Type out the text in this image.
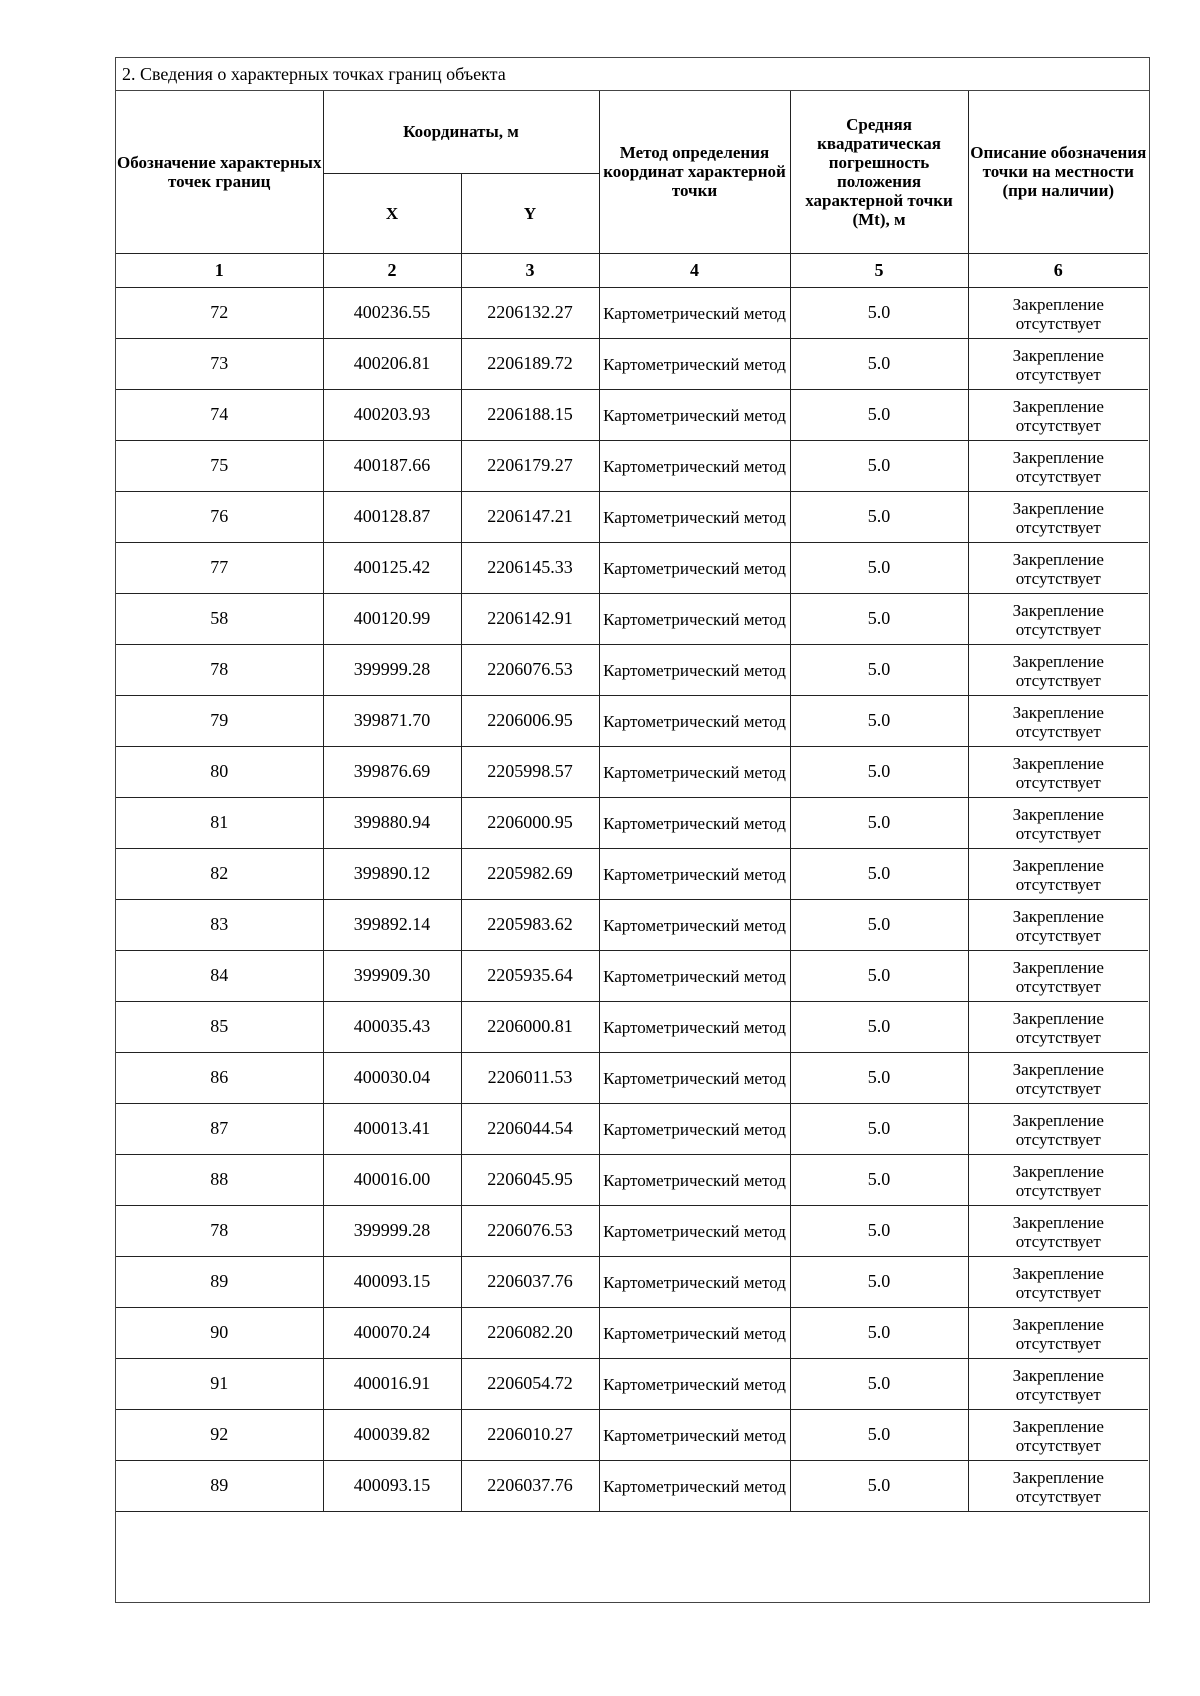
2. Сведения о характерных точках границ объекта
Обозначение характерных точек границ	Координаты, м		Метод определения координат характерной точки	Средняя квадратическая погрешность положения характерной точки (Mt), м	Описание обозначения точки на местности (при наличии)
	X	Y			
1	2	3	4	5	6
72	400236.55	2206132.27	Картометрический метод	5.0	Закрепление отсутствует
73	400206.81	2206189.72	Картометрический метод	5.0	Закрепление отсутствует
74	400203.93	2206188.15	Картометрический метод	5.0	Закрепление отсутствует
75	400187.66	2206179.27	Картометрический метод	5.0	Закрепление отсутствует
76	400128.87	2206147.21	Картометрический метод	5.0	Закрепление отсутствует
77	400125.42	2206145.33	Картометрический метод	5.0	Закрепление отсутствует
58	400120.99	2206142.91	Картометрический метод	5.0	Закрепление отсутствует
78	399999.28	2206076.53	Картометрический метод	5.0	Закрепление отсутствует
79	399871.70	2206006.95	Картометрический метод	5.0	Закрепление отсутствует
80	399876.69	2205998.57	Картометрический метод	5.0	Закрепление отсутствует
81	399880.94	2206000.95	Картометрический метод	5.0	Закрепление отсутствует
82	399890.12	2205982.69	Картометрический метод	5.0	Закрепление отсутствует
83	399892.14	2205983.62	Картометрический метод	5.0	Закрепление отсутствует
84	399909.30	2205935.64	Картометрический метод	5.0	Закрепление отсутствует
85	400035.43	2206000.81	Картометрический метод	5.0	Закрепление отсутствует
86	400030.04	2206011.53	Картометрический метод	5.0	Закрепление отсутствует
87	400013.41	2206044.54	Картометрический метод	5.0	Закрепление отсутствует
88	400016.00	2206045.95	Картометрический метод	5.0	Закрепление отсутствует
78	399999.28	2206076.53	Картометрический метод	5.0	Закрепление отсутствует
89	400093.15	2206037.76	Картометрический метод	5.0	Закрепление отсутствует
90	400070.24	2206082.20	Картометрический метод	5.0	Закрепление отсутствует
91	400016.91	2206054.72	Картометрический метод	5.0	Закрепление отсутствует
92	400039.82	2206010.27	Картометрический метод	5.0	Закрепление отсутствует
89	400093.15	2206037.76	Картометрический метод	5.0	Закрепление отсутствует
